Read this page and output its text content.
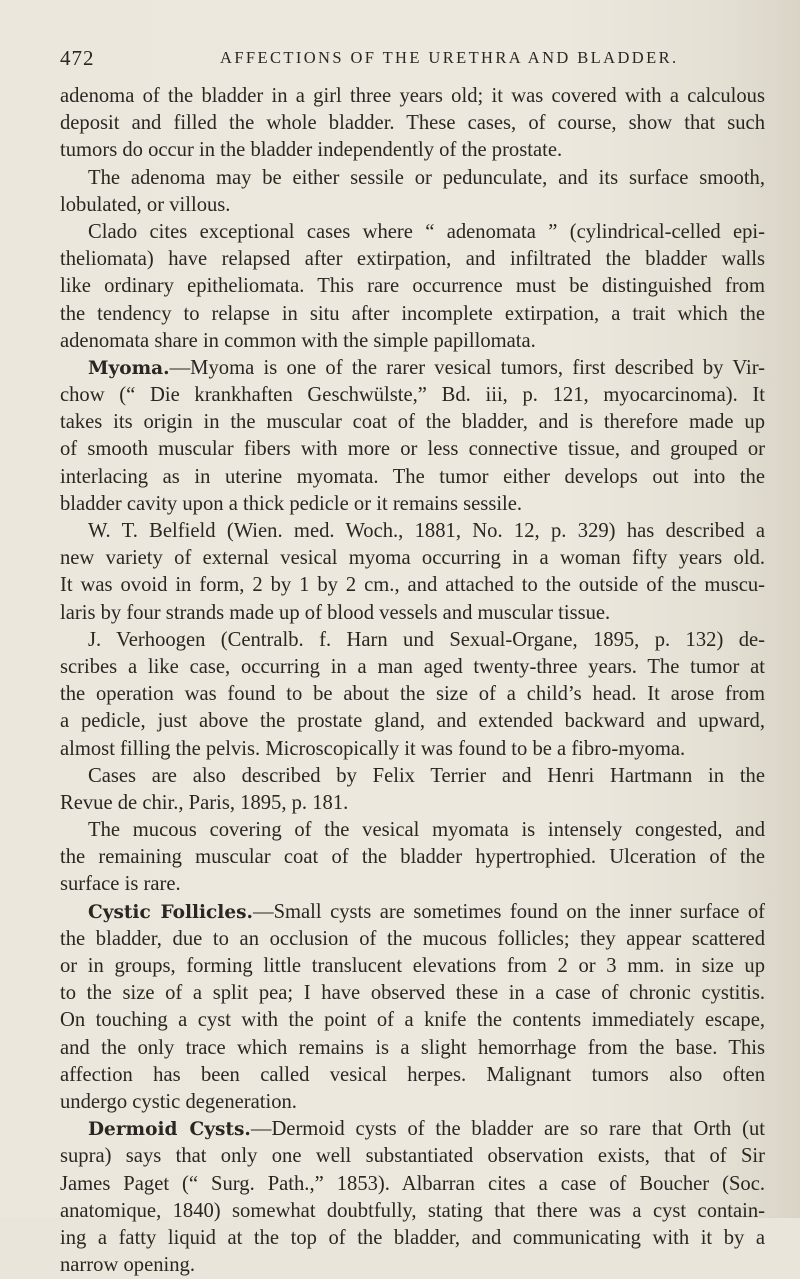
472	AFFECTIONS OF THE URETHRA AND BLADDER.
adenoma of the bladder in a girl three years old; it was covered with a calculous
deposit and filled the whole bladder. These cases, of course, show that such
tumors do occur in the bladder independently of the prostate.
The adenoma may be either sessile or pedunculate, and its surface smooth,
lobulated, or villous.
Clado cites exceptional cases where “ adenomata ” (cylindrical-celled epi-
theliomata) have relapsed after extirpation, and infiltrated the bladder walls
like ordinary epitheliomata. This rare occurrence must be distinguished from
the tendency to relapse in situ after incomplete extirpation, a trait which the
adenomata share in common with the simple papillomata.
Myoma.—Myoma is one of the rarer vesical tumors, first described by Vir-
chow (“ Die krankhaften Geschwülste,” Bd. iii, p. 121, myocarcinoma). It
takes its origin in the muscular coat of the bladder, and is therefore made up
of smooth muscular fibers with more or less connective tissue, and grouped or
interlacing as in uterine myomata. The tumor either develops out into the
bladder cavity upon a thick pedicle or it remains sessile.
W. T. Belfield (Wien. med. Woch., 1881, No. 12, p. 329) has described a
new variety of external vesical myoma occurring in a woman fifty years old.
It was ovoid in form, 2 by 1 by 2 cm., and attached to the outside of the muscu-
laris by four strands made up of blood vessels and muscular tissue.
J. Verhoogen (Centralb. f. Harn und Sexual-Organe, 1895, p. 132) de-
scribes a like case, occurring in a man aged twenty-three years. The tumor at
the operation was found to be about the size of a child’s head. It arose from
a pedicle, just above the prostate gland, and extended backward and upward,
almost filling the pelvis. Microscopically it was found to be a fibro-myoma.
Cases are also described by Felix Terrier and Henri Hartmann in the
Revue de chir., Paris, 1895, p. 181.
The mucous covering of the vesical myomata is intensely congested, and
the remaining muscular coat of the bladder hypertrophied. Ulceration of the
surface is rare.
Cystic Follicles.—Small cysts are sometimes found on the inner surface of
the bladder, due to an occlusion of the mucous follicles; they appear scattered
or in groups, forming little translucent elevations from 2 or 3 mm. in size up
to the size of a split pea; I have observed these in a case of chronic cystitis.
On touching a cyst with the point of a knife the contents immediately escape,
and the only trace which remains is a slight hemorrhage from the base. This
affection has been called vesical herpes. Malignant tumors also often
undergo cystic degeneration.
Dermoid Cysts.—Dermoid cysts of the bladder are so rare that Orth (ut
supra) says that only one well substantiated observation exists, that of Sir
James Paget (“ Surg. Path.,” 1853). Albarran cites a case of Boucher (Soc.
anatomique, 1840) somewhat doubtfully, stating that there was a cyst contain-
ing a fatty liquid at the top of the bladder, and communicating with it by a
narrow opening.
